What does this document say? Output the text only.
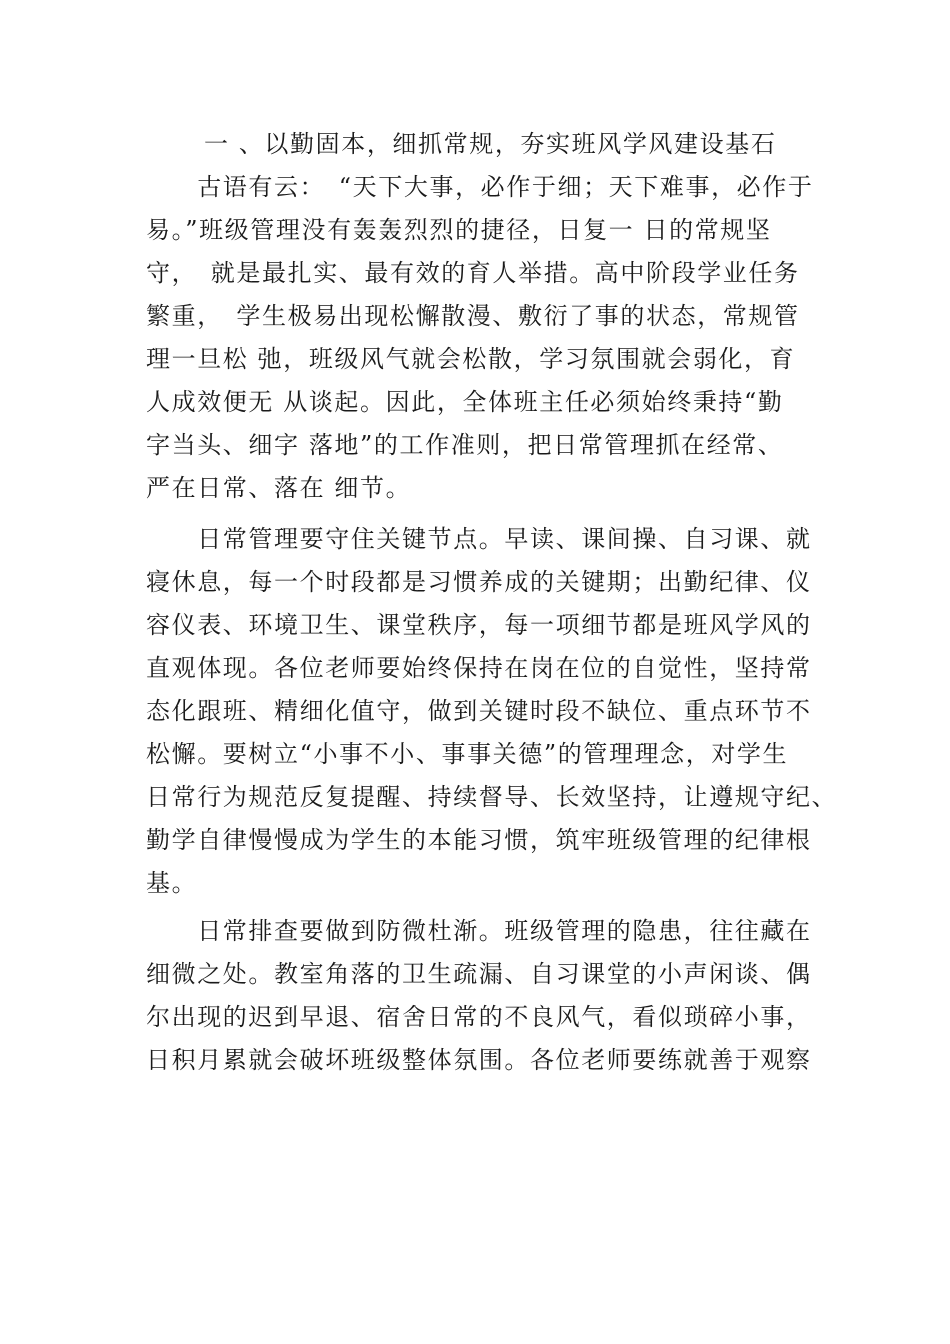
一 、以勤固本，细抓常规，夯实班风学风建设基石
　　古语有云：　“天下大事，必作于细；天下难事，必作于
易。”班级管理没有轰轰烈烈的捷径，日复一 日的常规坚
守，　就是最扎实、最有效的育人举措。高中阶段学业任务
繁重，　学生极易出现松懈散漫、敷衍了事的状态，常规管
理一旦松 弛，班级风气就会松散，学习氛围就会弱化，育
人成效便无 从谈起。因此，全体班主任必须始终秉持“勤
字当头、细字 落地”的工作准则，把日常管理抓在经常、
严在日常、落在 细节。
　　日常管理要守住关键节点。早读、课间操、自习课、就
寝休息，每一个时段都是习惯养成的关键期；出勤纪律、仪
容仪表、环境卫生、课堂秩序，每一项细节都是班风学风的
直观体现。各位老师要始终保持在岗在位的自觉性，坚持常
态化跟班、精细化值守，做到关键时段不缺位、重点环节不
松懈。要树立“小事不小、事事关德”的管理理念，对学生
日常行为规范反复提醒、持续督导、长效坚持，让遵规守纪、
勤学自律慢慢成为学生的本能习惯，筑牢班级管理的纪律根
基。
　　日常排查要做到防微杜渐。班级管理的隐患，往往藏在
细微之处。教室角落的卫生疏漏、自习课堂的小声闲谈、偶
尔出现的迟到早退、宿舍日常的不良风气，看似琐碎小事，
日积月累就会破坏班级整体氛围。各位老师要练就善于观察
